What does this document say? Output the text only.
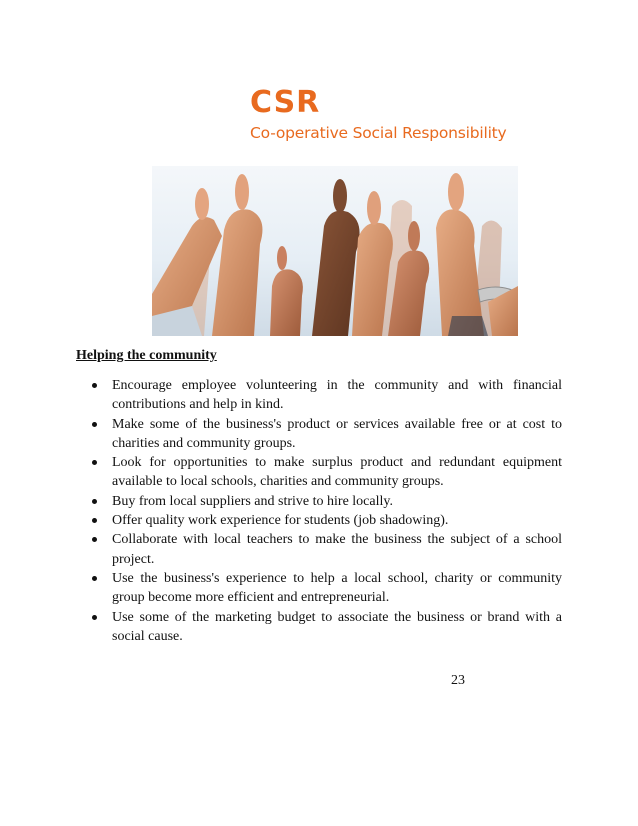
CSR
Co-operative Social Responsibility

Helping the community

Encourage employee volunteering in the community and with financial contributions and help in kind.
Make some of the business's product or services available free or at cost to charities and community groups.
Look for opportunities to make surplus product and redundant equipment available to local schools, charities and community groups.
Buy from local suppliers and strive to hire locally.
Offer quality work experience for students (job shadowing).
Collaborate with local teachers to make the business the subject of a school project.
Use the business's experience to help a local school, charity or community group become more efficient and entrepreneurial.
Use some of the marketing budget to associate the business or brand with a social cause.
23
